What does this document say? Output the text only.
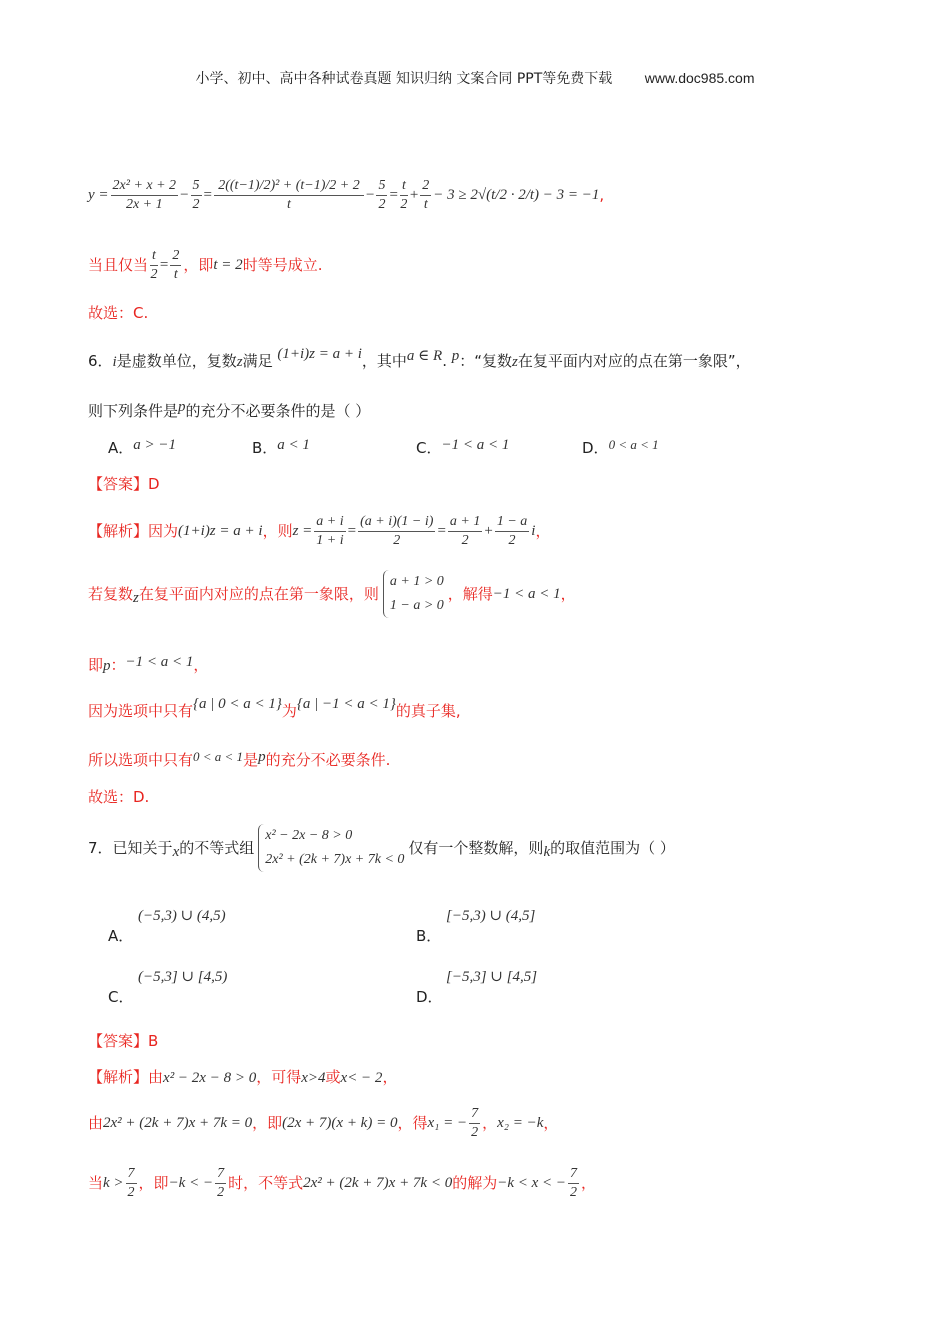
小学、初中、高中各种试卷真题 知识归纳 文案合同 PPT等免费下载 www.doc985.com
$y = \frac{\text{2x² + x + 2}}{2x + 1} - \frac{5}{2} = \frac{\text{2((t−1)/2)² + (t−1)/2 + 2}}{t} - \frac{5}{2} = \frac{t}{2} + \frac{2}{t} - 3 \ge 2√(t/2 \cdot 2/t) - 3 = -1$ ,
当且仅当 $\frac{t}{2} = \frac{2}{t}$ ，即 t = 2 时等号成立.
故选：C.
6．i是虚数单位，复数z满足 (1+i)z = a + i，其中a ∈ R. p：“复数z在复平面内对应的点在第一象限”，
则下列条件是p的充分不必要条件的是（ ）
A．a > −1	B．a < 1	C．−1 < a < 1	D．0 < a < 1
【答案】D
【解析】 因为 (1+i)z = a + i ，则 $z = \frac{a + i}{1 + i} = \frac{(a + i)(1 - i)}{2} = \frac{a + 1}{2} + \frac{1 - a}{2}$ i ，
若复数 z 在复平面内对应的点在第一象限，则
a + 1 > 0
1 − a > 0
，解得 −1 < a < 1 ，
即p：−1 < a < 1，
因为选项中只有{a | 0 < a < 1}为{a | −1 < a < 1}的真子集,
所以选项中只有0 < a < 1是p的充分不必要条件.
故选：D.
7． 已知关于 x 的不等式组
x² − 2x − 8 > 0
2x² + (2k + 7)x + 7k < 0
仅有一个整数解，则 k 的取值范围为（ ）
(−5,3) ∪ (4,5)
A．
[−5,3) ∪ (4,5]
B．
(−5,3] ∪ [4,5)
C．
[−5,3] ∪ [4,5]
D．
【答案】B
【解析】由x² − 2x − 8 > 0，可得x>4或x< − 2，
由 2x² + (2k + 7)x + 7k = 0 ，即 (2x + 7)(x + k) = 0 ，得 x₁ = − $\frac{7}{2}$ ， x₂ = −k ，
当 $k > \frac{7}{2}$ ，即 −k < − $\frac{7}{2}$ 时，不等式 2x² + (2k + 7)x + 7k < 0 的解为 −k < x < − $\frac{7}{2}$ ，
